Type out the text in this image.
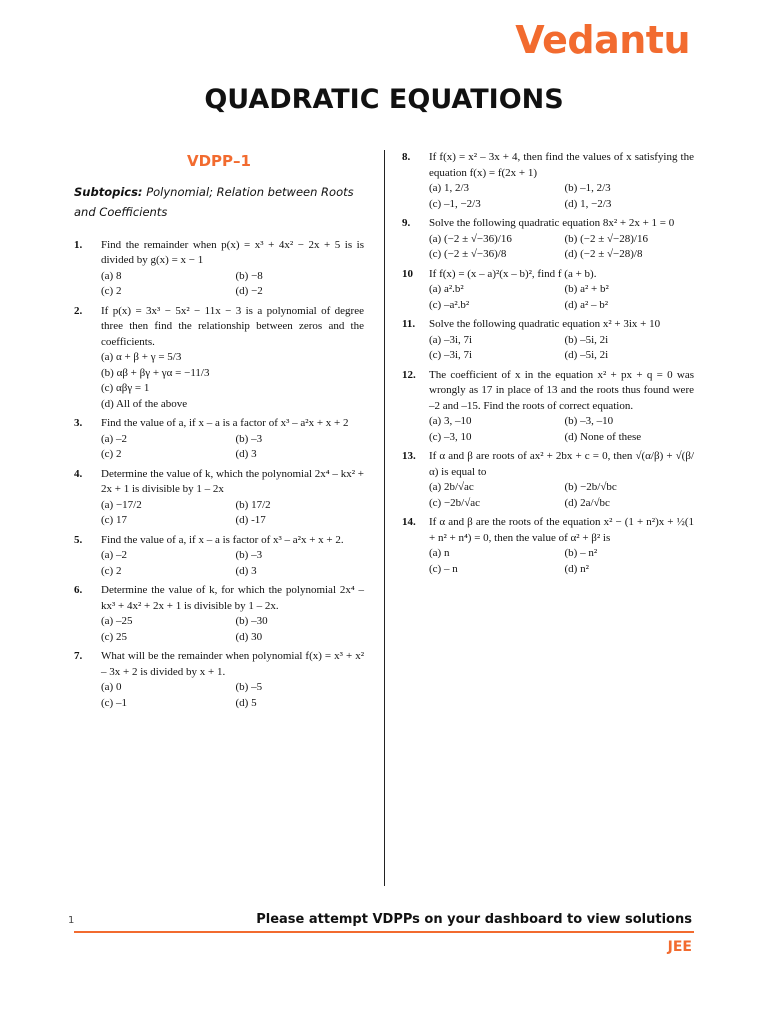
Vedantu
QUADRATIC EQUATIONS
VDPP–1
Subtopics: Polynomial; Relation between Roots and Coefficients
1.	Find the remainder when p(x) = x³ + 4x² − 2x + 5 is is divided by g(x) = x − 1
(a) 8	(b) −8
(c) 2	(d) −2
2.	If p(x) = 3x³ − 5x² − 11x − 3 is a polynomial of degree three then find the relationship between zeros and the coefficients.
(a) α + β + γ = 5/3
(b) αβ + βγ + γα = −11/3
(c) αβγ = 1
(d) All of the above
3.	Find the value of a, if x – a is a factor of x³ – a²x + x + 2
(a) –2	(b) –3
(c) 2	(d) 3
4.	Determine the value of k, which the polynomial 2x⁴ – kx² + 2x + 1 is divisible by 1 – 2x
(a) −17/2	(b) 17/2
(c) 17	(d) -17
5.	Find the value of a, if x – a is factor of x³ – a²x + x + 2.
(a) –2	(b) –3
(c) 2	(d) 3
6.	Determine the value of k, for which the polynomial 2x⁴ – kx³ + 4x² + 2x + 1 is divisible by 1 – 2x.
(a) –25	(b) –30
(c) 25	(d) 30
7.	What will be the remainder when polynomial f(x) = x³ + x² – 3x + 2 is divided by x + 1.
(a) 0	(b) –5
(c) –1	(d) 5
8.	If f(x) = x² – 3x + 4, then find the values of x satisfying the equation f(x) = f(2x + 1)
(a) 1, 2/3	(b) –1, 2/3
(c) –1, −2/3	(d) 1, −2/3
9.	Solve the following quadratic equation 8x² + 2x + 1 = 0
(a) (−2 ± √−36)/16	(b) (−2 ± √−28)/16
(c) (−2 ± √−36)/8	(d) (−2 ± √−28)/8
10	If f(x) = (x – a)²(x – b)², find f (a + b).
(a) a².b²	(b) a² + b²
(c) –a².b²	(d) a² – b²
11.	Solve the following quadratic equation x² + 3ix + 10
(a) –3i, 7i	(b) –5i, 2i
(c) –3i, 7i	(d) –5i, 2i
12.	The coefficient of x in the equation x² + px + q = 0 was wrongly as 17 in place of 13 and the roots thus found were –2 and –15. Find the roots of correct equation.
(a) 3, –10	(b) –3, –10
(c) –3, 10	(d) None of these
13.	If α and β are roots of ax² + 2bx + c = 0, then √(α/β) + √(β/α) is equal to
(a) 2b/√ac	(b) −2b/√bc
(c) −2b/√ac	(d) 2a/√bc
14.	If α and β are the roots of the equation x² − (1 + n²)x + ½(1 + n² + n⁴) = 0, then the value of α² + β² is
(a) n	(b) – n²
(c) – n	(d) n²
1	Please attempt VDPPs on your dashboard to view solutions
JEE
